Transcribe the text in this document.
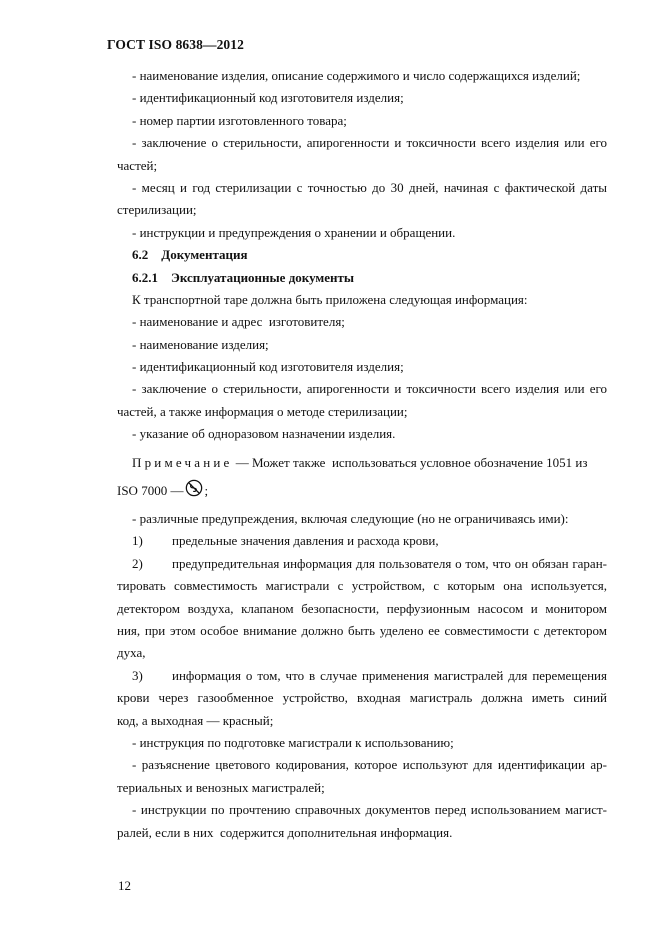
ГОСТ ISO 8638—2012
- наименование изделия, описание содержимого и число содержащихся изделий;
- идентификационный код изготовителя изделия;
- номер партии изготовленного товара;
- заключение о стерильности, апирогенности и токсичности всего изделия или его
частей;
- месяц и год стерилизации с точностью до 30 дней, начиная с фактической даты
стерилизации;
- инструкции и предупреждения о хранении и обращении.
6.2    Документация
6.2.1    Эксплуатационные документы
К транспортной таре должна быть приложена следующая информация:
- наименование и адрес  изготовителя;
- наименование изделия;
- идентификационный код изготовителя изделия;
- заключение о стерильности, апирогенности и токсичности всего изделия или его
частей, а также информация о методе стерилизации;
- указание об одноразовом назначении изделия.
Примечание — Может также  использоваться условное обозначение 1051 из
ISO 7000 — ;
- различные предупреждения, включая следующие (но не ограничиваясь ими):
1) предельные значения давления и расхода крови,
2) предупредительная информация для пользователя о том, что он обязан гаран-
тировать совместимость магистрали с устройством, с которым она используется,
детектором воздуха, клапаном безопасности, перфузионным насосом и монитором
ния, при этом особое внимание должно быть уделено ее совместимости с детектором
духа,
3) информация о том, что в случае применения магистралей для перемещения
крови через газообменное устройство, входная магистраль должна иметь синий
код, а выходная — красный;
- инструкция по подготовке магистрали к использованию;
- разъяснение цветового кодирования, которое используют для идентификации ар-
териальных и венозных магистралей;
- инструкции по прочтению справочных документов перед использованием магист-
ралей, если в них  содержится дополнительная информация.
12
